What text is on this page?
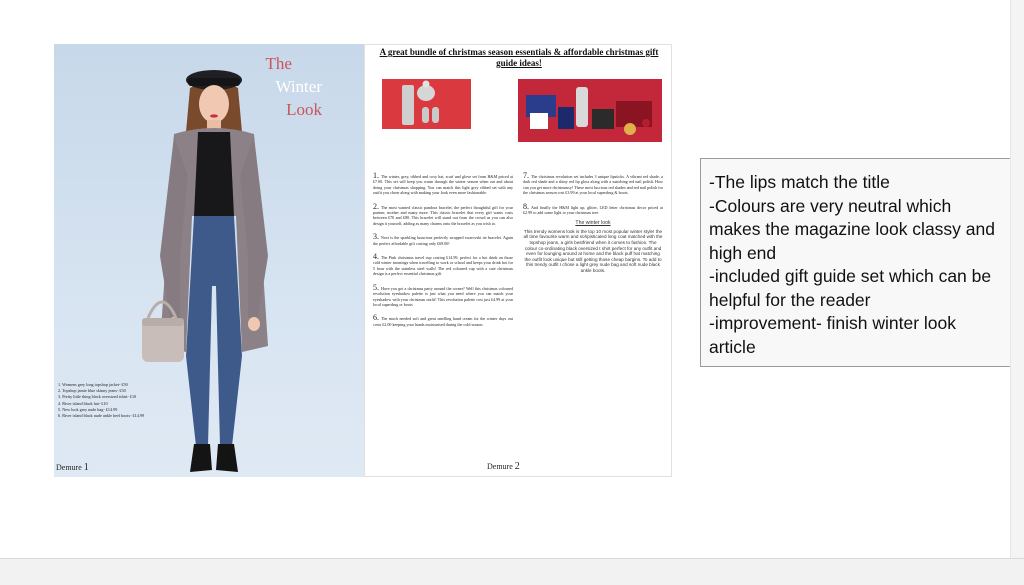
The
Winter
Look
1. Womens grey long topshop jacket- £50
2. Topshop jamie blue skinny jeans- £30
3. Pretty little thing black oversized tshirt- £10
4. River island black hat- £10
5. New look grey nude bag- £14.99
6. River island black nude ankle heel boots- £14.99
Demure 1
A great bundle of christmas season essentials & affordable christmas gift guide ideas!
1. The winter, grey, ribbed and cosy hat, scarf and glove set from H&M priced at £7.00. This set will keep you warm through the winter season when out and about doing your christmas shopping. You can match this light grey ribbed set with any outfit you chose along with making your look even more fashionable.
2. The most wanted classic pandora bracelet, the perfect thoughtful gift for your partner, mother and many more. This classic bracelet that every girl wants costs between £70 and £80. This bracelet will stand out from the crowd as you can also design it yourself, adding as many charms onto the bracelet as you wish to.
3. Next is the sparkling luxurious perfectly wrapped swarovski tie bracelet. Again the perfect affordable gift costing only £69.00!
4. The Pink christmas travel cup costing £14.99, perfect for a hot drink on those cold winter mornings when travelling to work or school and keeps your drink hot for 5 hour with the stainless steel walls! The red coloured cup with a cute christmas design is a perfect essential christmas gift.
5. Have you got a christmas party around the corner? Well this christmas coloured revolution eyeshadow palette is just what you need where you can match your eyeshadow with your christmas outfit! This revolution palette cost just £4.99 at your local superdrug or boots
6. The much needed soft and great smelling hand cream for the winter days out costs £2.00 keeping your hands moisturised during the cold season.
7. The christmas revolution set includes 3 unique lipsticks. A vibrant red shade, a dark red shade and a shiny red lip gloss along with a matching red nail polish. How can you get more christmassy! These most luscious red shades and red nail polish for the christmas season cost £3.99 at your local superdrug & boots.
8. And finally the H&M light up, glitter, LED letter christmas decor priced at £2.99 to add some light to your christmas tree.
The winter look
This trendy womens look is the top 10 most popular winter style! the all time favourite warm and sohpisticated long coat matched with the topshop jeans, a girls bestfriend when it comes to fashion. The colour co-ordinating black oversized t shirt perfect for any outfit and even for lounging around at home and the black puff hat matching the outfit look unique but still getting those cheap bargins. To add to this trendy outfit I chose a light grey nude bag and soft nude black ankle boots.
Demure 2

-The lips match the title

-Colours are very neutral which makes the magazine look classy and high end

-included gift guide set which can be helpful for the reader

-improvement- finish winter look article
